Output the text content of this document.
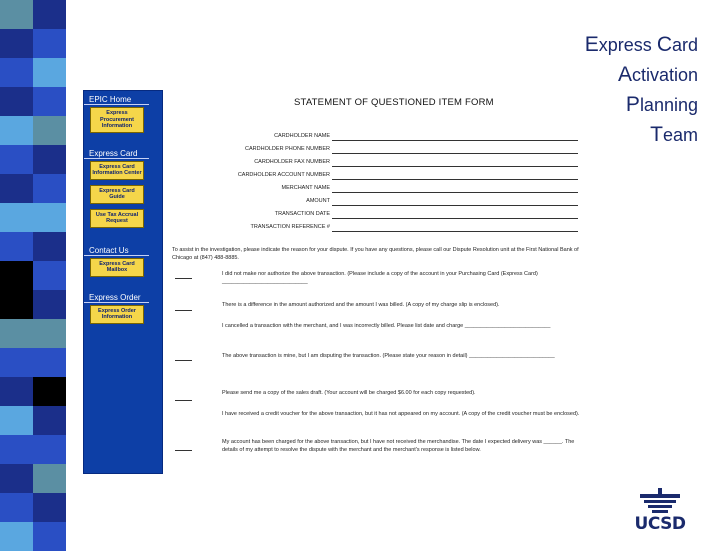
Express Card
Activation
Planning
Team
EPIC Home
Express Procurement Information
Express Card
Express Card Information Center
Express Card Guide
Use Tax Accrual Request
Contact Us
Express Card Mailbox
Express Order
Express Order Information
STATEMENT OF QUESTIONED ITEM FORM
CARDHOLDER NAME
CARDHOLDER PHONE NUMBER
CARDHOLDER FAX NUMBER
CARDHOLDER ACCOUNT NUMBER
MERCHANT NAME
AMOUNT
TRANSACTION DATE
TRANSACTION REFERENCE #
To assist in the investigation, please indicate the reason for your dispute. If you have any questions, please call our Dispute Resolution unit at the First National Bank of Chicago at (847) 488-8885.
I did not make nor authorize the above transaction. (Please include a copy of the account in your Purchasing Card (Express Card) ____________________________
There is a difference in the amount authorized and the amount I was billed. (A copy of my charge slip is enclosed).
I cancelled a transaction with the merchant, and I was incorrectly billed. Please list date and charge ____________________________
The above transaction is mine, but I am disputing the transaction. (Please state your reason in detail) ____________________________
Please send me a copy of the sales draft. (Your account will be charged $6.00 for each copy requested).
I have received a credit voucher for the above transaction, but it has not appeared on my account. (A copy of the credit voucher must be enclosed).
My account has been charged for the above transaction, but I have not received the merchandise. The date I expected delivery was ______. The details of my attempt to resolve the dispute with the merchant and the merchant's response is listed below.
UCSD
